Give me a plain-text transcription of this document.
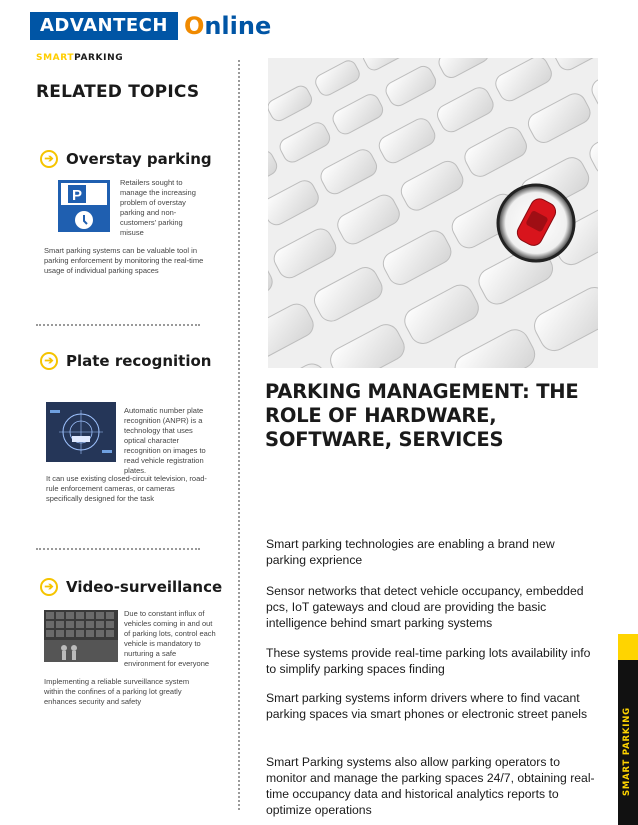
ADVANTECH Online
SMARTPARKING
RELATED TOPICS
➔ Overstay parking
P
Retailers sought to manage the increasing problem of overstay parking and non-customers' parking misuse
Smart parking systems can be valuable tool in parking enforcement by monitoring the real-time usage of individual parking spaces
➔ Plate recognition
Automatic number plate recognition (ANPR) is a technology that uses optical character recognition on images to read vehicle registration plates.
It can use existing closed-circuit television, road-rule enforcement cameras, or cameras specifically designed for the task
➔ Video-surveillance
Due to constant influx of vehicles coming in and out of parking lots, control each vehicle is mandatory to nurturing a safe environment for everyone
Implementing a reliable surveillance system within the confines of a parking lot greatly enhances security and safety
PARKING MANAGEMENT: THE ROLE OF HARDWARE, SOFTWARE, SERVICES
Smart parking technologies are enabling a brand new parking exprience
Sensor networks that detect vehicle occupancy, embedded pcs, IoT gateways and cloud are providing the basic intelligence behind smart parking systems
These systems provide real-time parking lots availability info to simplify parking spaces finding
Smart parking systems inform drivers where to find vacant parking spaces via smart phones or electronic street panels
Smart Parking systems also allow parking operators to monitor and manage the parking spaces 24/7, obtaining real-time occupancy data and historical analytics reports to optimize operations
SMART PARKING
